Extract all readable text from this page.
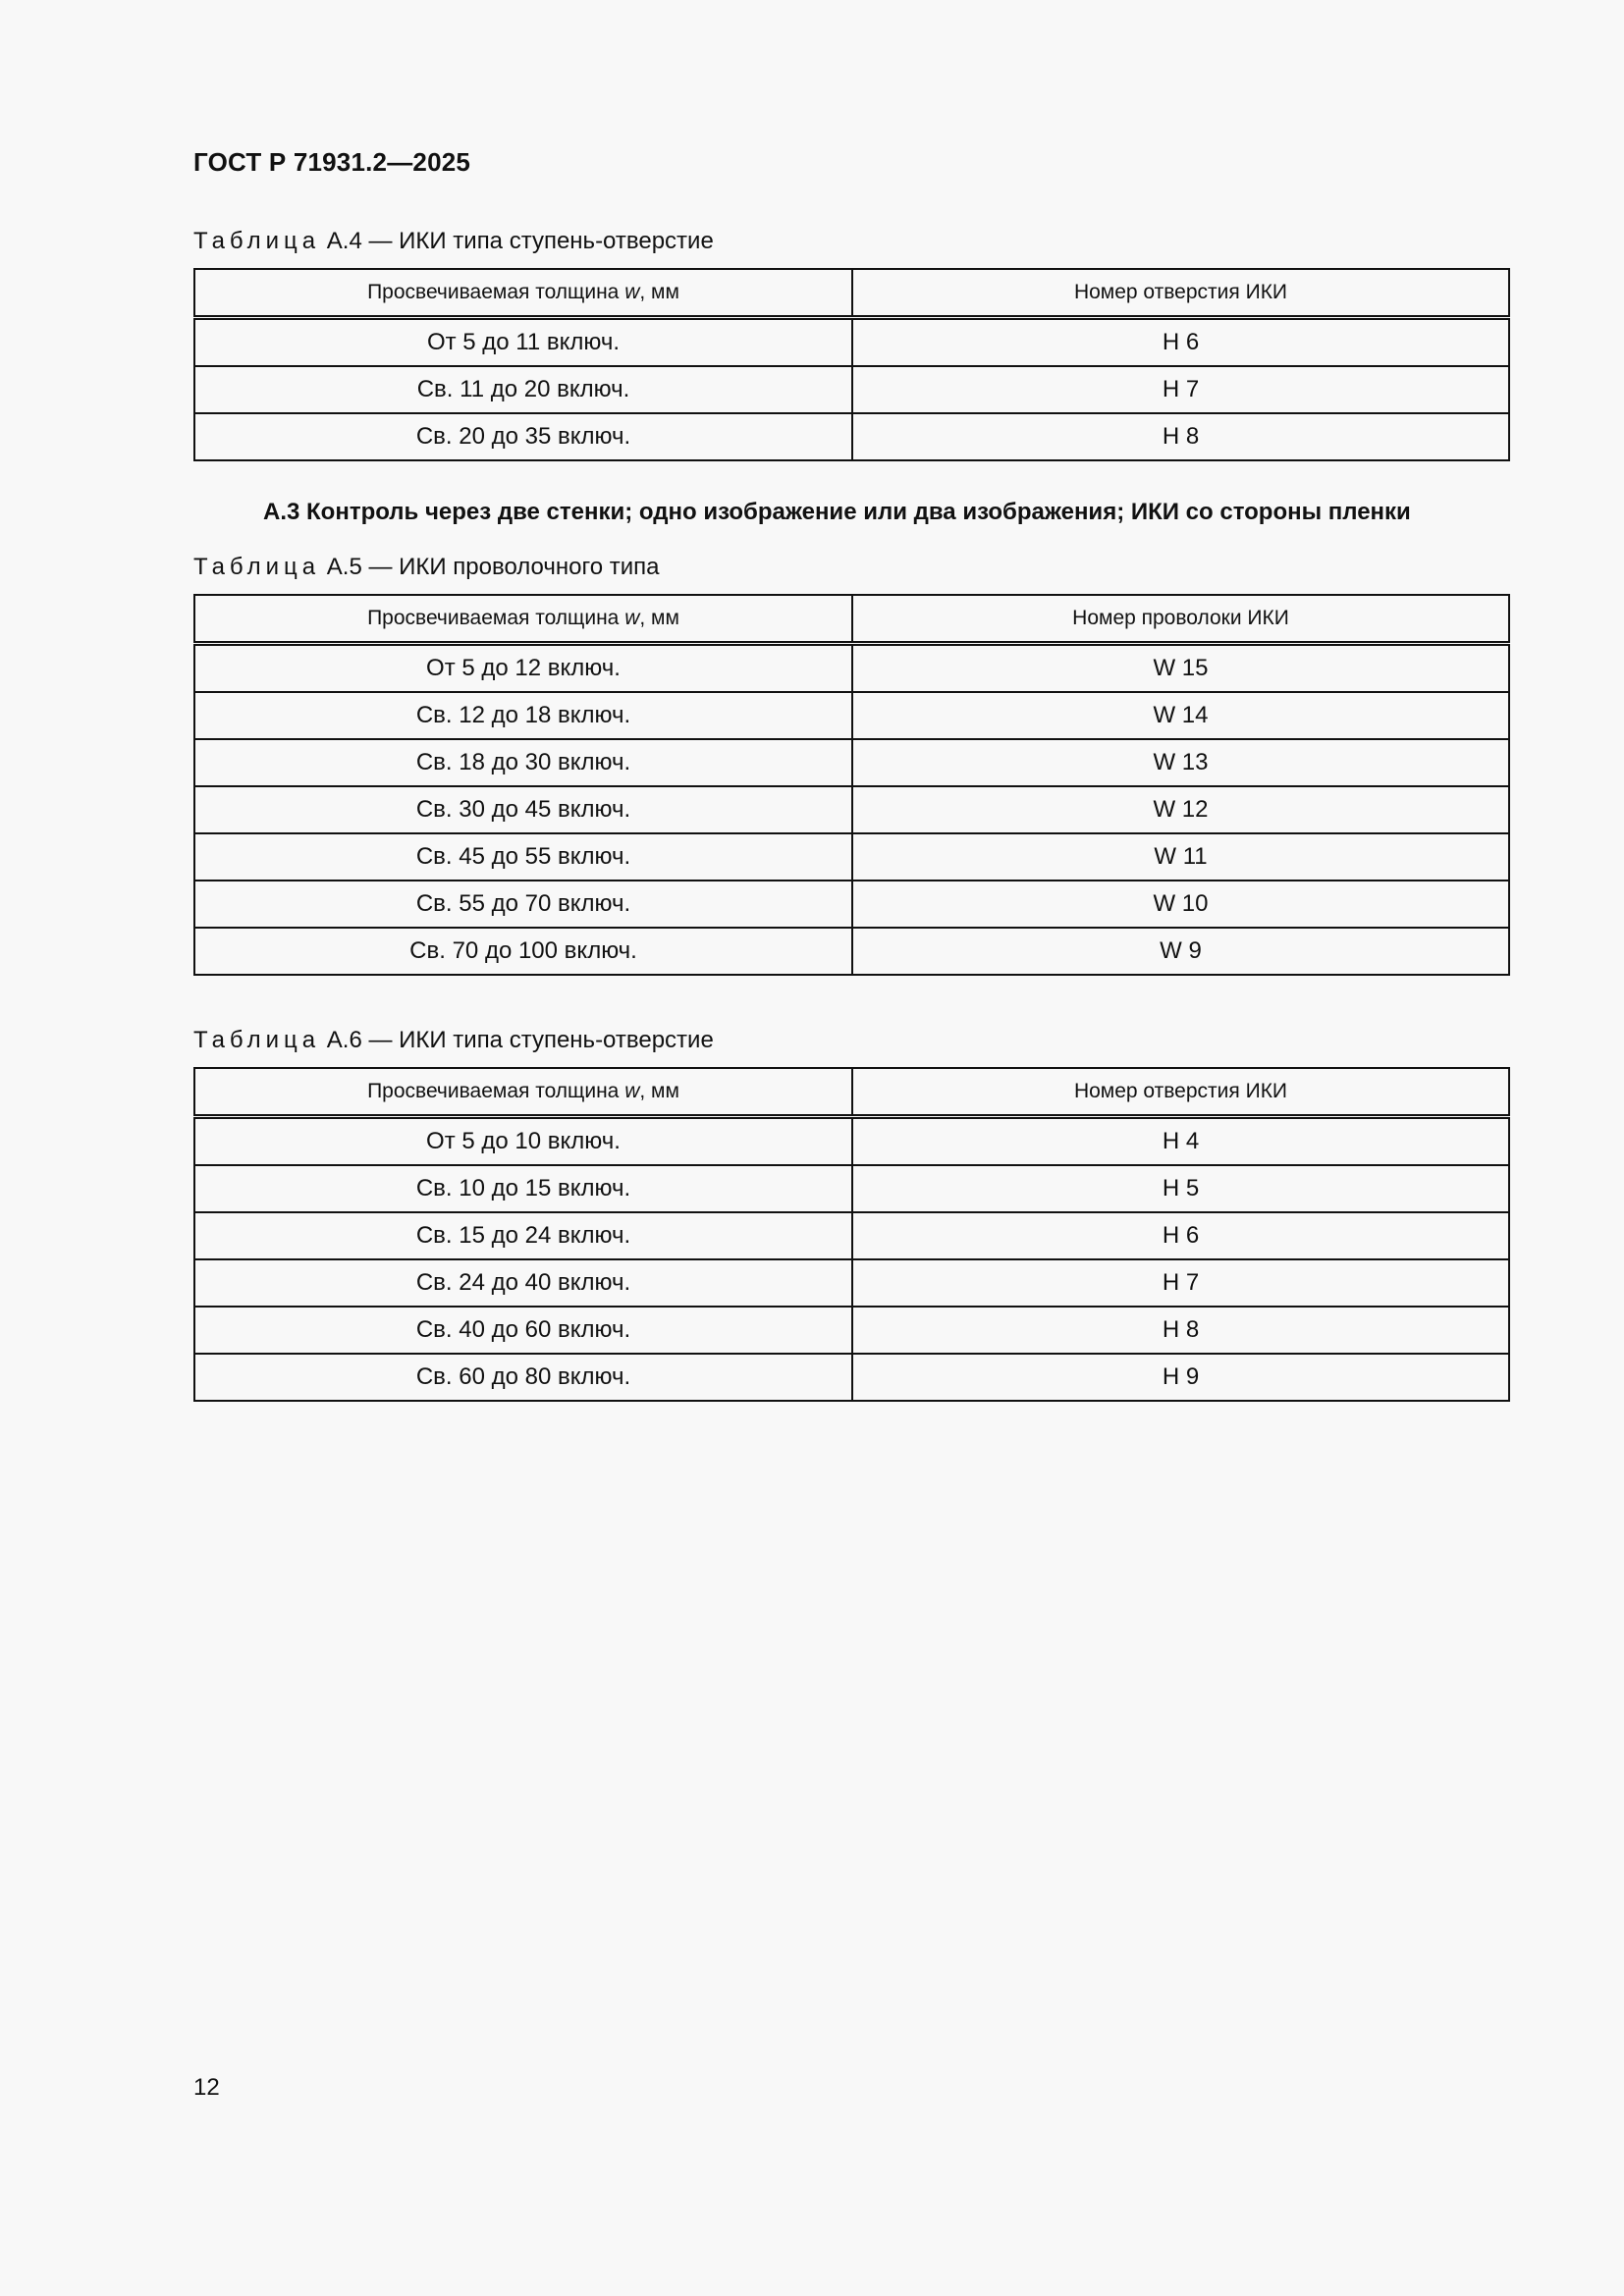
ГОСТ Р 71931.2—2025
Таблица А.4 — ИКИ типа ступень-отверстие
Просвечиваемая толщина w, мм	Номер отверстия ИКИ
От 5 до 11 включ.	H 6
Св. 11 до 20 включ.	H 7
Св. 20 до 35 включ.	H 8
А.3 Контроль через две стенки; одно изображение или два изображения; ИКИ со стороны пленки
Таблица А.5 — ИКИ проволочного типа
Просвечиваемая толщина w, мм	Номер проволоки ИКИ
От 5 до 12 включ.	W 15
Св. 12 до 18 включ.	W 14
Св. 18 до 30 включ.	W 13
Св. 30 до 45 включ.	W 12
Св. 45 до 55 включ.	W 11
Св. 55 до 70 включ.	W 10
Св. 70 до 100 включ.	W 9
Таблица А.6 — ИКИ типа ступень-отверстие
Просвечиваемая толщина w, мм	Номер отверстия ИКИ
От 5 до 10 включ.	H 4
Св. 10 до 15 включ.	H 5
Св. 15 до 24 включ.	H 6
Св. 24 до 40 включ.	H 7
Св. 40 до 60 включ.	H 8
Св. 60 до 80 включ.	H 9
12
